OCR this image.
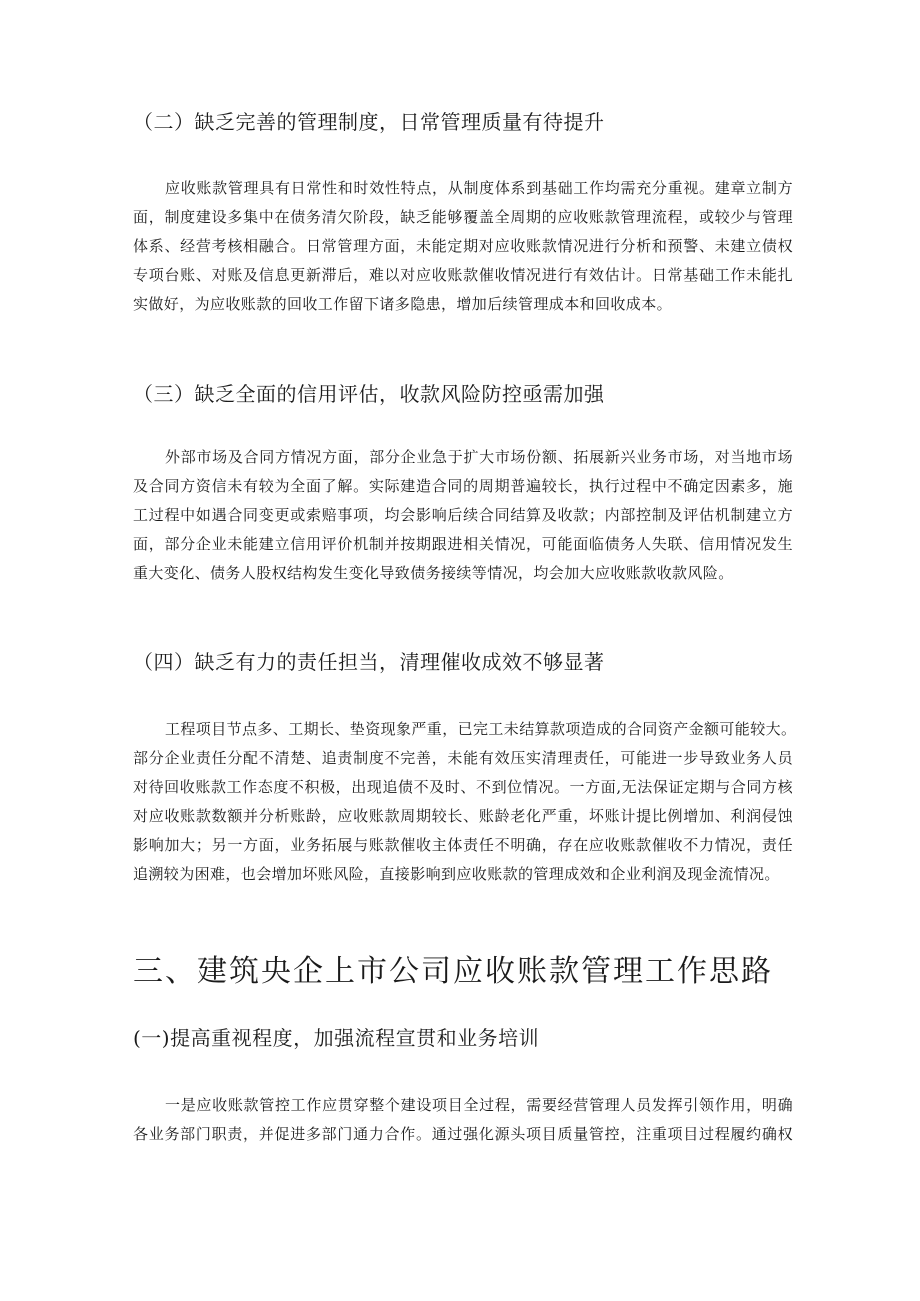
（二）缺乏完善的管理制度，日常管理质量有待提升
应收账款管理具有日常性和时效性特点，从制度体系到基础工作均需充分重视。建章立制方
面，制度建设多集中在债务清欠阶段，缺乏能够覆盖全周期的应收账款管理流程，或较少与管理
体系、经营考核相融合。日常管理方面，未能定期对应收账款情况进行分析和预警、未建立债权
专项台账、对账及信息更新滞后，难以对应收账款催收情况进行有效估计。日常基础工作未能扎
实做好，为应收账款的回收工作留下诸多隐患，增加后续管理成本和回收成本。
（三）缺乏全面的信用评估，收款风险防控亟需加强
外部市场及合同方情况方面，部分企业急于扩大市场份额、拓展新兴业务市场，对当地市场
及合同方资信未有较为全面了解。实际建造合同的周期普遍较长，执行过程中不确定因素多，施
工过程中如遇合同变更或索赔事项，均会影响后续合同结算及收款；内部控制及评估机制建立方
面，部分企业未能建立信用评价机制并按期跟进相关情况，可能面临债务人失联、信用情况发生
重大变化、债务人股权结构发生变化导致债务接续等情况，均会加大应收账款收款风险。
（四）缺乏有力的责任担当，清理催收成效不够显著
工程项目节点多、工期长、垫资现象严重，已完工未结算款项造成的合同资产金额可能较大。
部分企业责任分配不清楚、追责制度不完善，未能有效压实清理责任，可能进一步导致业务人员
对待回收账款工作态度不积极，出现追债不及时、不到位情况。一方面,无法保证定期与合同方核
对应收账款数额并分析账龄，应收账款周期较长、账龄老化严重，坏账计提比例增加、利润侵蚀
影响加大；另一方面，业务拓展与账款催收主体责任不明确，存在应收账款催收不力情况，责任
追溯较为困难，也会增加坏账风险，直接影响到应收账款的管理成效和企业利润及现金流情况。
三、建筑央企上市公司应收账款管理工作思路
(一)提高重视程度，加强流程宣贯和业务培训
一是应收账款管控工作应贯穿整个建设项目全过程，需要经营管理人员发挥引领作用，明确
各业务部门职责，并促进多部门通力合作。通过强化源头项目质量管控，注重项目过程履约确权
